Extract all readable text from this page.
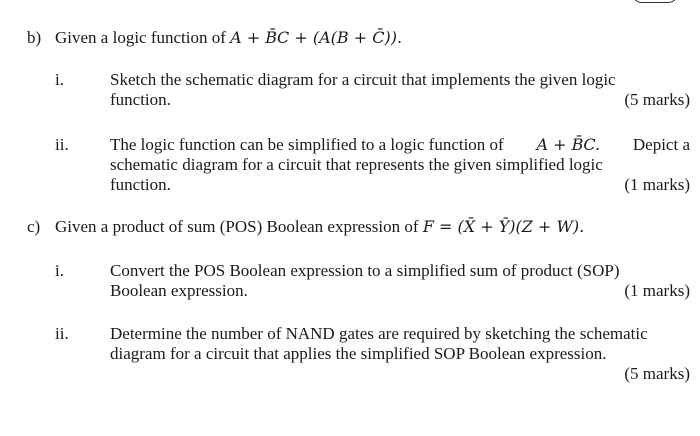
b) Given a logic function of A + B̄C + (A(B + C̄)).
i.	Sketch the schematic diagram for a circuit that implements the given logic
function.	(5 marks)
ii. The logic function can be simplified to a logic function of A + B̄C. Depict a
schematic diagram for a circuit that represents the given simplified logic
function.	(1 marks)
c) Given a product of sum (POS) Boolean expression of F = (X̄ + Ȳ)(Z + W).
i.	Convert the POS Boolean expression to a simplified sum of product (SOP)
Boolean expression.	(1 marks)
ii. Determine the number of NAND gates are required by sketching the schematic
diagram for a circuit that applies the simplified SOP Boolean expression.
(5 marks)
